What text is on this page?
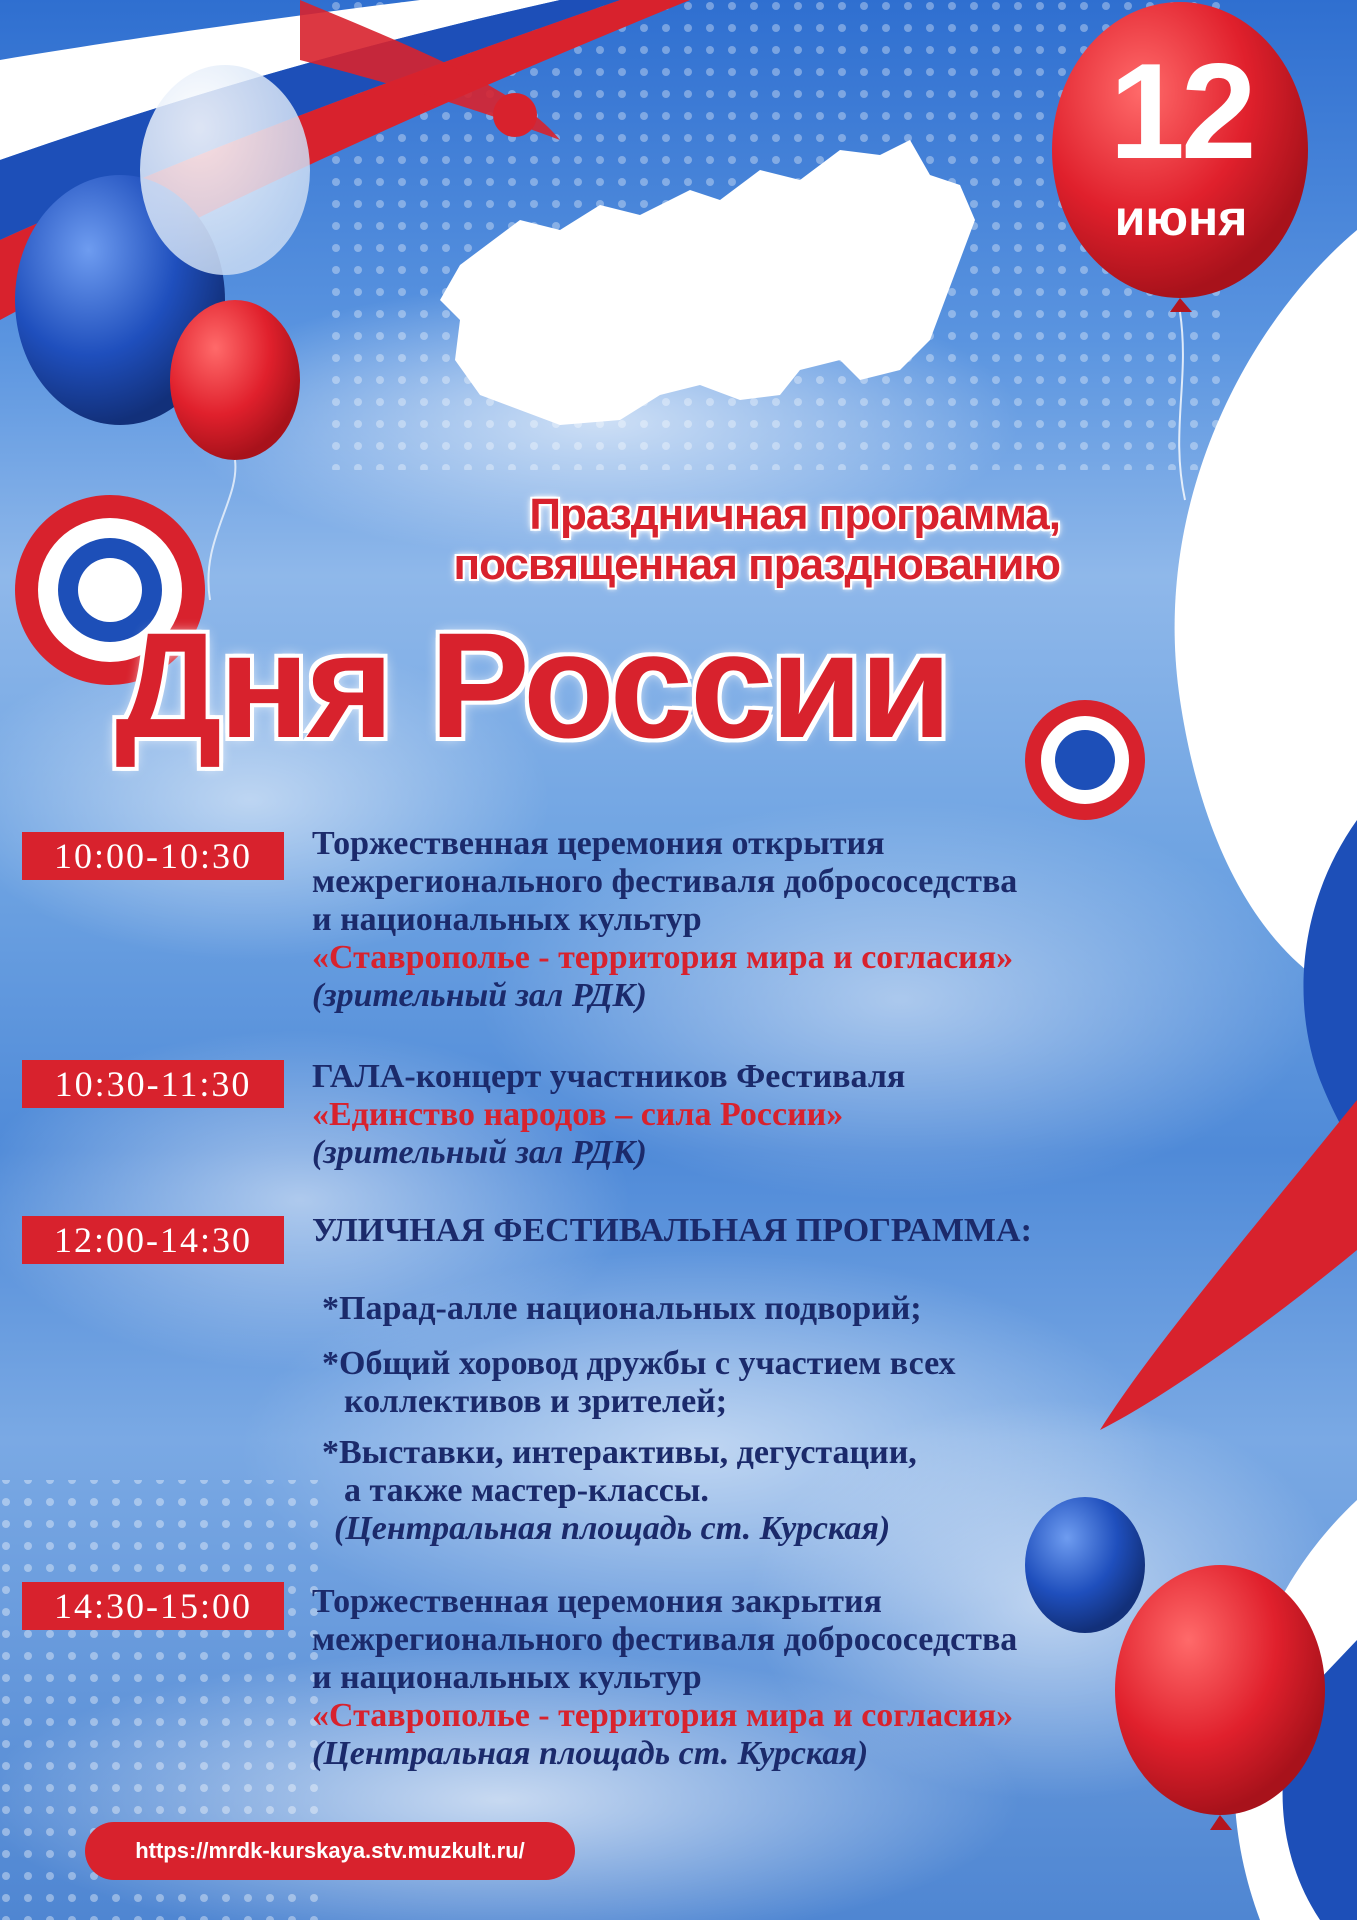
12
июня
Праздничная программа,
посвященная празднованию
Дня России
10:00-10:30	Торжественная церемония открытия
межрегионального фестиваля добрососедства
и национальных культур
«Ставрополье - территория мира и согласия»
(зрительный зал РДК)
10:30-11:30	ГАЛА-концерт участников Фестиваля
«Единство народов – сила России»
(зрительный зал РДК)
12:00-14:30	УЛИЧНАЯ ФЕСТИВАЛЬНАЯ ПРОГРАММА:
*Парад-алле национальных подворий;
*Общий хоровод дружбы с участием всех
коллективов и зрителей;
*Выставки, интерактивы, дегустации,
а также мастер-классы.
(Центральная площадь ст. Курская)
14:30-15:00	Торжественная церемония закрытия
межрегионального фестиваля добрососедства
и национальных культур
«Ставрополье - территория мира и согласия»
(Центральная площадь ст. Курская)
https://mrdk-kurskaya.stv.muzkult.ru/
